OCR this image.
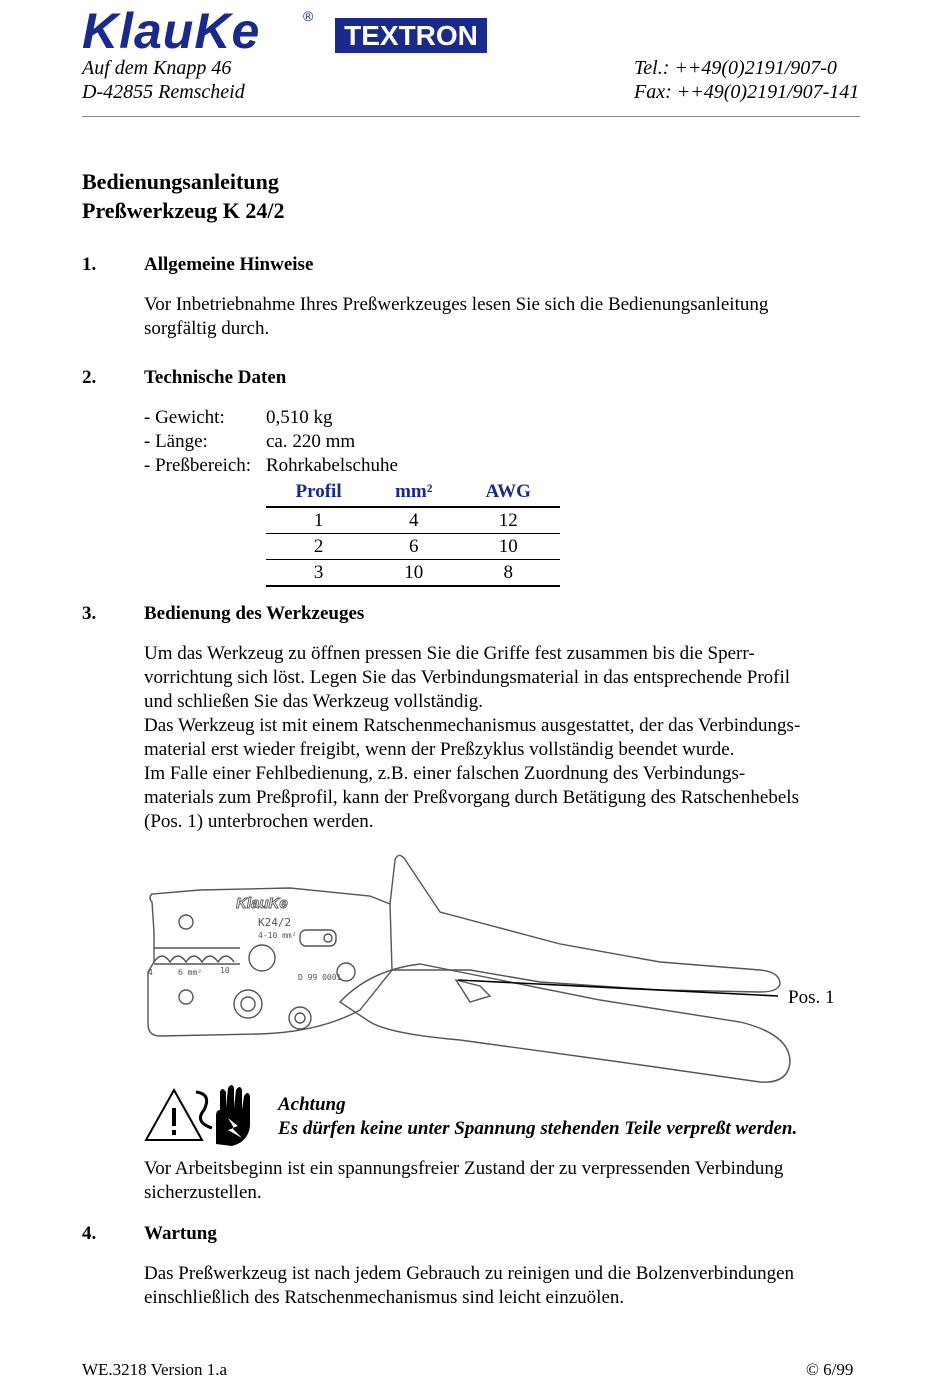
KlauKe	®
TEXTRON
Auf dem Knapp 46
D-42855 Remscheid
Tel.: ++49(0)2191/907-0
Fax: ++49(0)2191/907-141
Bedienungsanleitung
Preßwerkzeug K 24/2
1.	Allgemeine Hinweise
Vor Inbetriebnahme Ihres Preßwerkzeuges lesen Sie sich die Bedienungsanleitung
sorgfältig durch.
2.	Technische Daten
- Gewicht: 0,510 kg
- Länge:	ca. 220 mm
- Preßbereich: Rohrkabelschuhe
Profil	mm²	AWG
1	4	12
2	6	10
3	10	8
3.	Bedienung des Werkzeuges
Um das Werkzeug zu öffnen pressen Sie die Griffe fest zusammen bis die Sperr-
vorrichtung sich löst. Legen Sie das Verbindungsmaterial in das entsprechende Profil
und schließen Sie das Werkzeug vollständig.
Das Werkzeug ist mit einem Ratschenmechanismus ausgestattet, der das Verbindungs-
material erst wieder freigibt, wenn der Preßzyklus vollständig beendet wurde.
Im Falle einer Fehlbedienung, z.B. einer falschen Zuordnung des Verbindungs-
materials zum Preßprofil, kann der Preßvorgang durch Betätigung des Ratschenhebels
(Pos. 1) unterbrochen werden.
KlauKe
K24/2
4-10 mm²
D 99 0001
4	6 mm² 10
Pos. 1
Achtung
Es dürfen keine unter Spannung stehenden Teile verpreßt werden.
Vor Arbeitsbeginn ist ein spannungsfreier Zustand der zu verpressenden Verbindung
sicherzustellen.
4.	Wartung
Das Preßwerkzeug ist nach jedem Gebrauch zu reinigen und die Bolzenverbindungen
einschließlich des Ratschenmechanismus sind leicht einzuölen.
WE.3218 Version 1.a	© 6/99
